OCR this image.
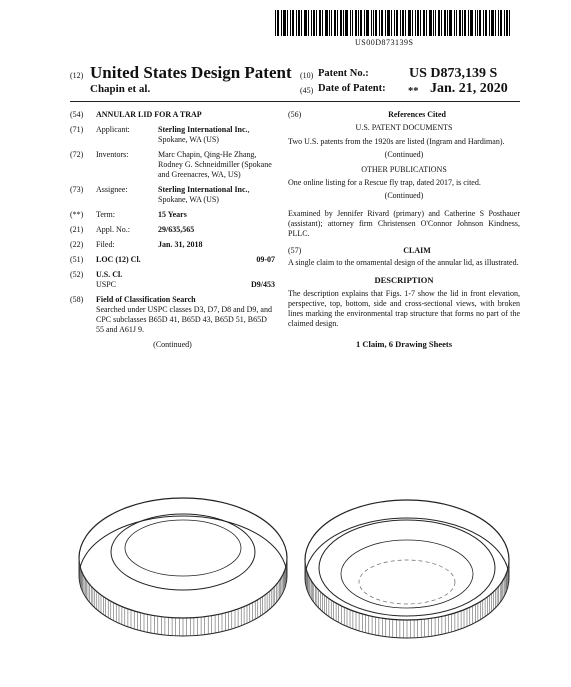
US00D873139S
(12) United States Design Patent
Chapin et al.
(10) Patent No.:	US D873,139 S
(45) Date of Patent: ** Jan. 21, 2020
(54)	ANNULAR LID FOR A TRAP
(71)	Applicant:	Sterling International Inc., Spokane, WA (US)
(72)	Inventors:	Marc Chapin, Qing-He Zhang, Rodney G. Schneidmiller (Spokane and Greenacres, WA, US)
(73)	Assignee:	Sterling International Inc., Spokane, WA (US)
(**)	Term:	15 Years
(21)	Appl. No.:	29/635,565
(22)	Filed:	Jan. 31, 2018
(51)	LOC (12) Cl.	09-07
(52)	U.S. Cl.
USPC	D9/453
(58)	Field of Classification Search
Searched under USPC classes D3, D7, D8 and D9, and CPC subclasses B65D 41, B65D 43, B65D 51, B65D 55 and A61J 9.
(Continued)
(56)	References Cited
U.S. PATENT DOCUMENTS
Two U.S. patents from the 1920s are listed (Ingram and Hardiman).
(Continued)
OTHER PUBLICATIONS
One online listing for a Rescue fly trap, dated 2017, is cited.
(Continued)
Examined by Jennifer Rivard (primary) and Catherine S Posthauer (assistant); attorney firm Christensen O'Connor Johnson Kindness, PLLC.
(57)	CLAIM
A single claim to the ornamental design of the annular lid, as illustrated.
DESCRIPTION
The description explains that Figs. 1-7 show the lid in front elevation, perspective, top, bottom, side and cross-sectional views, with broken lines marking the environmental trap structure that forms no part of the claimed design.
1 Claim, 6 Drawing Sheets
